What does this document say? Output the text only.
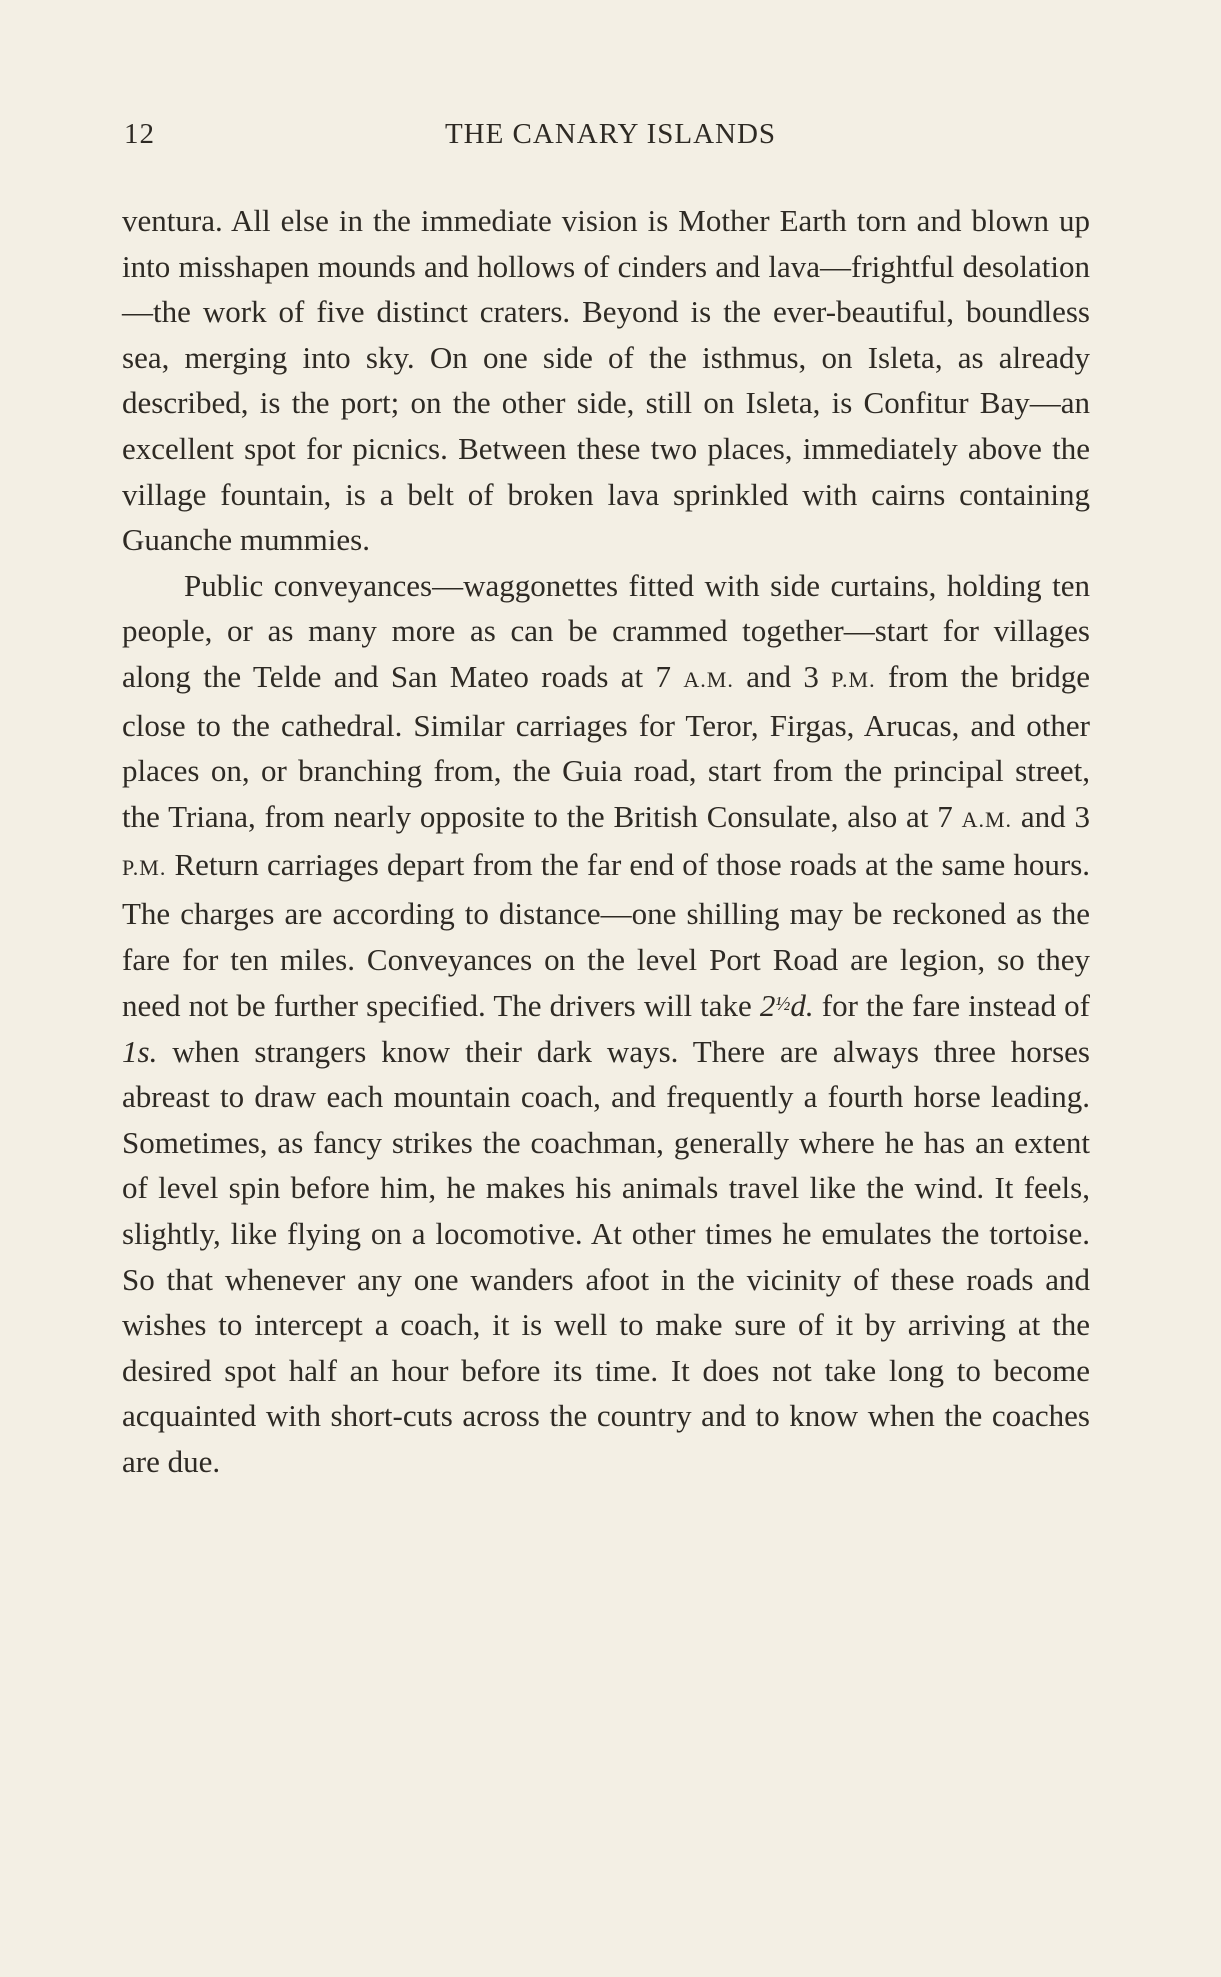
12	THE CANARY ISLANDS

ventura. All else in the immediate vision is Mother Earth torn and blown up into misshapen mounds and hollows of cinders and lava—frightful desolation—the work of five distinct craters. Beyond is the ever-beautiful, boundless sea, merging into sky. On one side of the isthmus, on Isleta, as already described, is the port; on the other side, still on Isleta, is Confitur Bay—an excellent spot for picnics. Between these two places, immediately above the village fountain, is a belt of broken lava sprinkled with cairns containing Guanche mummies.

Public conveyances—waggonettes fitted with side curtains, holding ten people, or as many more as can be crammed together—start for villages along the Telde and San Mateo roads at 7 A.M. and 3 P.M. from the bridge close to the cathedral. Similar carriages for Teror, Firgas, Arucas, and other places on, or branching from, the Guia road, start from the principal street, the Triana, from nearly opposite to the British Consulate, also at 7 A.M. and 3 P.M. Return carriages depart from the far end of those roads at the same hours. The charges are according to distance—one shilling may be reckoned as the fare for ten miles. Conveyances on the level Port Road are legion, so they need not be further specified. The drivers will take 2½d. for the fare instead of 1s. when strangers know their dark ways. There are always three horses abreast to draw each mountain coach, and frequently a fourth horse leading. Sometimes, as fancy strikes the coachman, generally where he has an extent of level spin before him, he makes his animals travel like the wind. It feels, slightly, like flying on a locomotive. At other times he emulates the tortoise. So that whenever any one wanders afoot in the vicinity of these roads and wishes to intercept a coach, it is well to make sure of it by arriving at the desired spot half an hour before its time. It does not take long to become acquainted with short-cuts across the country and to know when the coaches are due.
